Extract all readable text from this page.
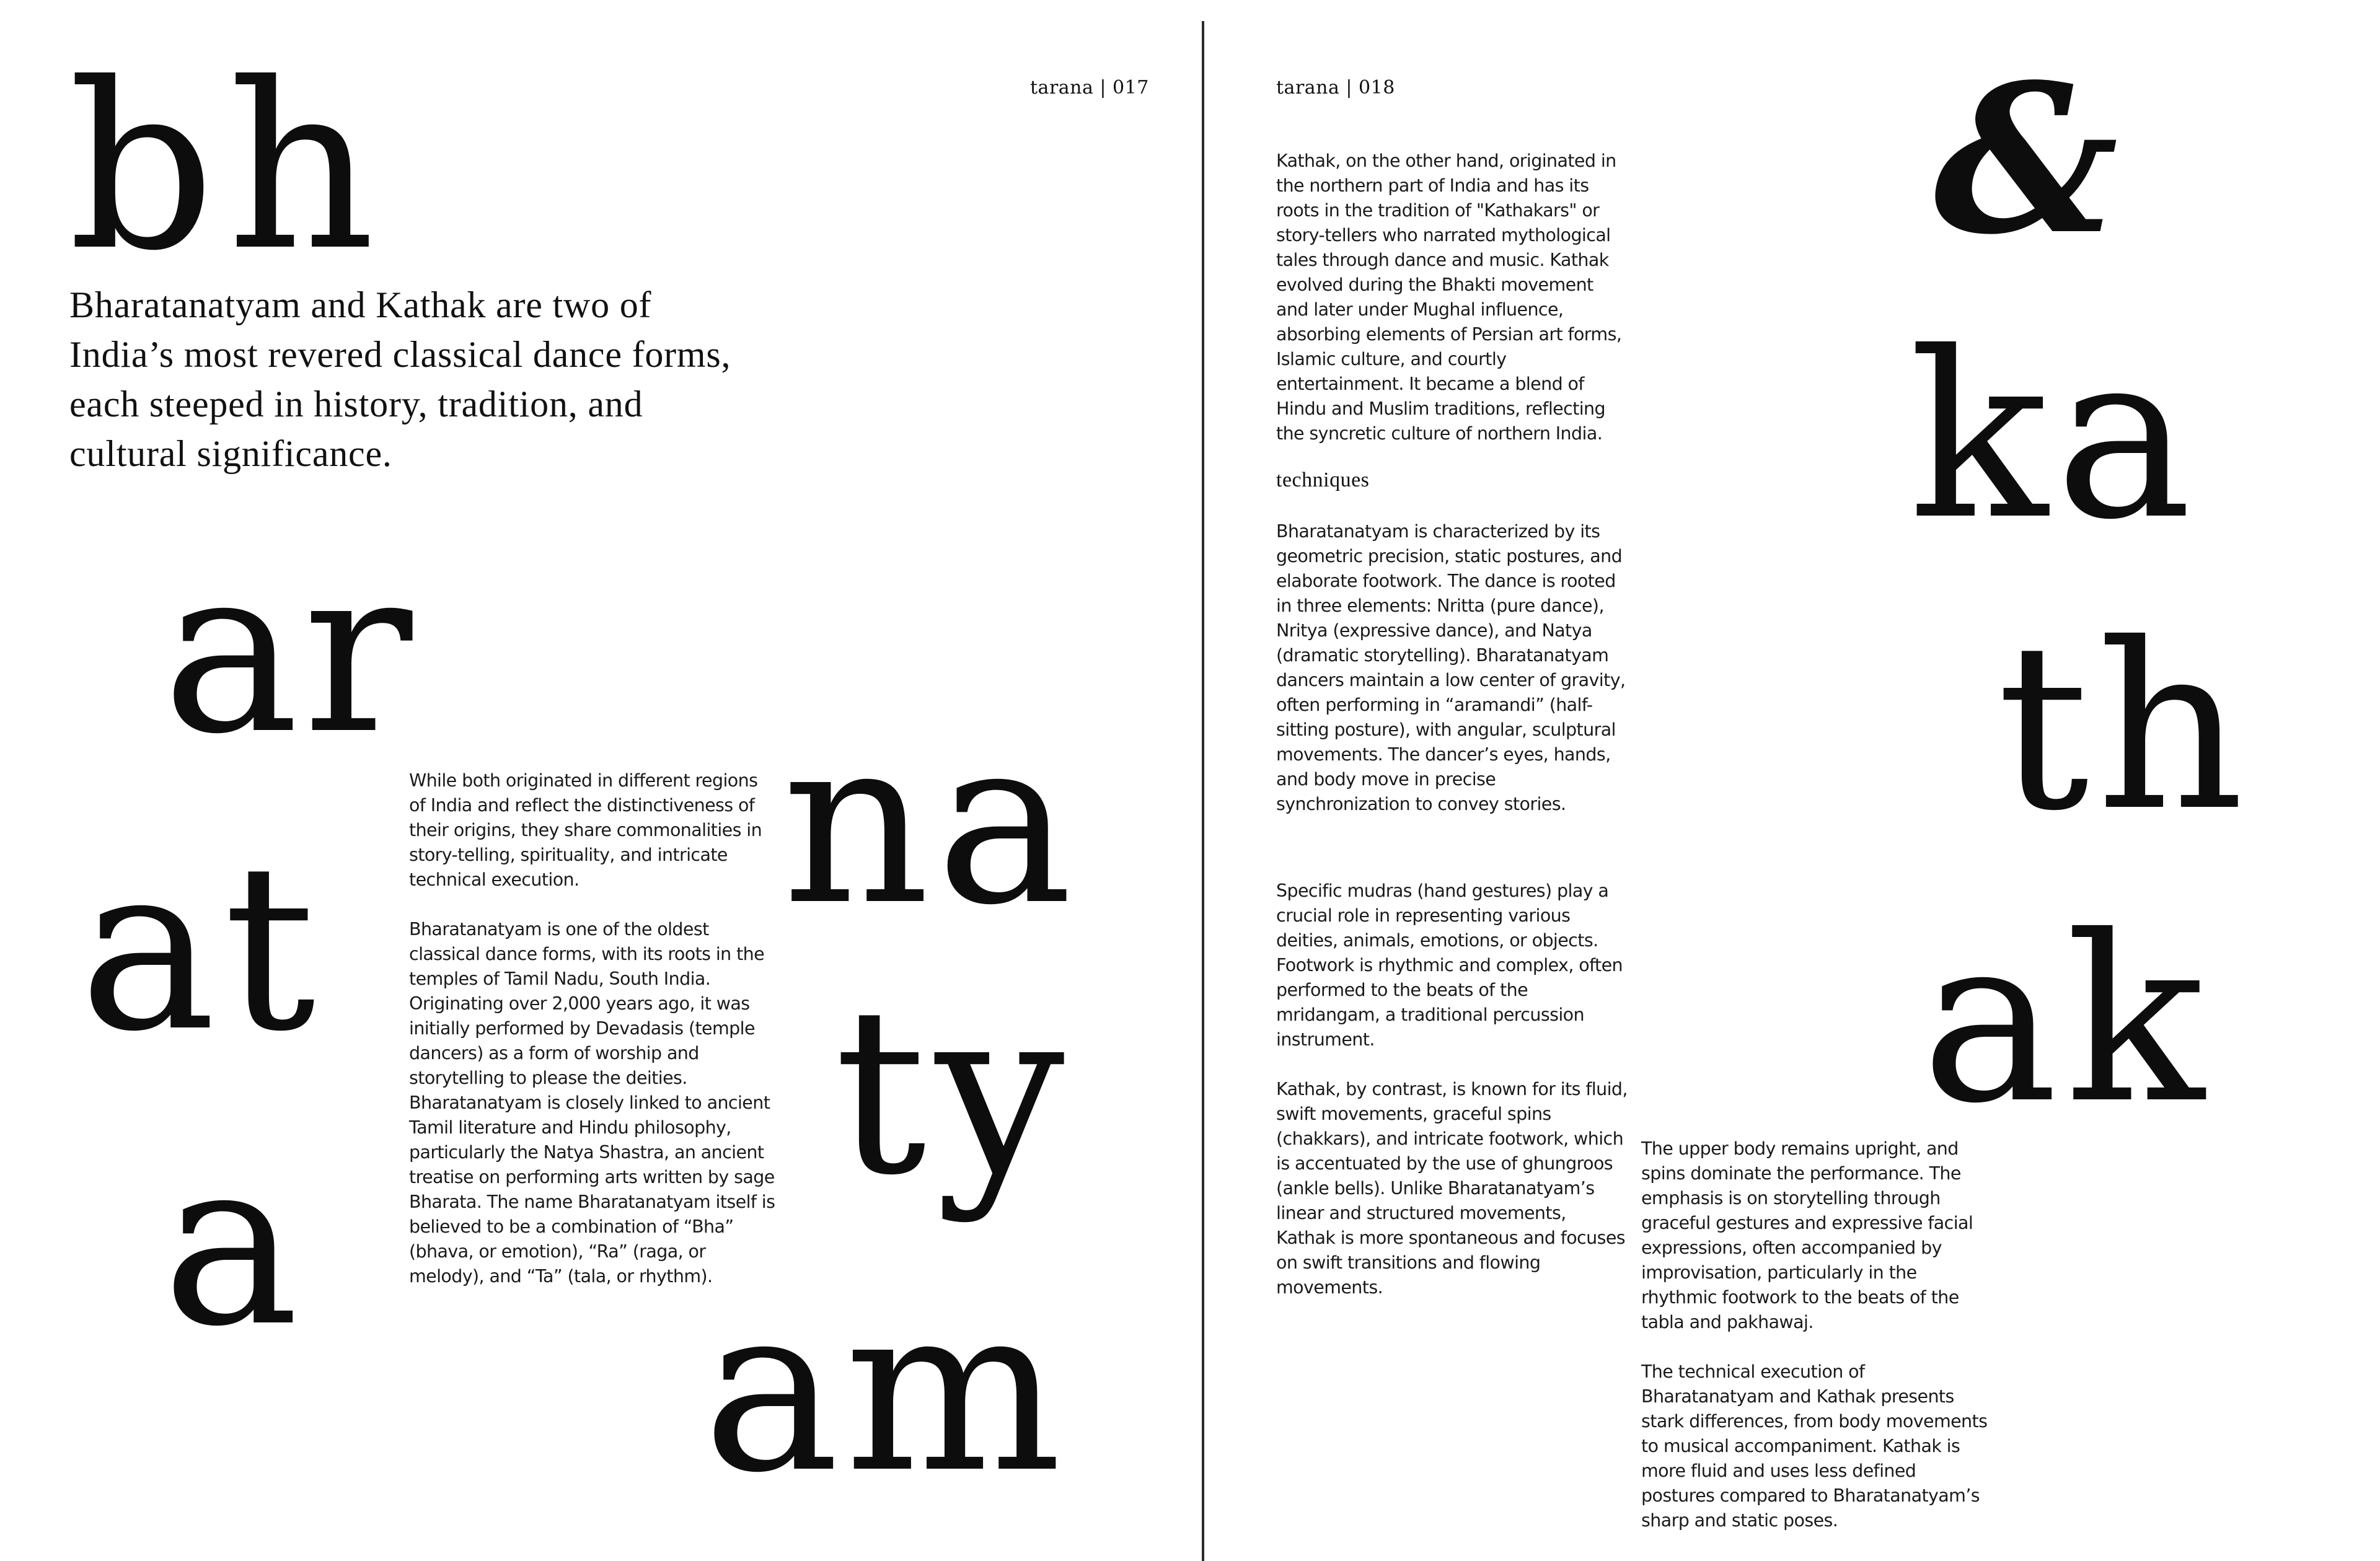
tarana | 017
bh
Bharatanatyam and Kathak are two of India’s most revered classical dance forms, each steeped in history, tradition, and cultural significance.
ar
na
at
ty
a
am

While both originated in different regions of India and reflect the distinctiveness of their origins, they share commonalities in story-telling, spirituality, and intricate technical execution.

Bharatanatyam is one of the oldest classical dance forms, with its roots in the temples of Tamil Nadu, South India. Originating over 2,000 years ago, it was initially performed by Devadasis (temple dancers) as a form of worship and storytelling to please the deities. Bharatanatyam is closely linked to ancient Tamil literature and Hindu philosophy, particularly the Natya Shastra, an ancient treatise on performing arts written by sage Bharata. The name Bharatanatyam itself is believed to be a combination of “Bha” (bhava, or emotion), “Ra” (raga, or melody), and “Ta” (tala, or rhythm).

tarana | 018	&
ka
th
ak

Kathak, on the other hand, originated in the northern part of India and has its roots in the tradition of "Kathakars" or story-tellers who narrated mythological tales through dance and music. Kathak evolved during the Bhakti movement and later under Mughal influence, absorbing elements of Persian art forms, Islamic culture, and courtly entertainment. It became a blend of Hindu and Muslim traditions, reflecting the syncretic culture of northern India.

techniques

Bharatanatyam is characterized by its geometric precision, static postures, and elaborate footwork. The dance is rooted in three elements: Nritta (pure dance), Nritya (expressive dance), and Natya (dramatic storytelling). Bharatanatyam dancers maintain a low center of gravity, often performing in “aramandi” (half-sitting posture), with angular, sculptural movements. The dancer’s eyes, hands, and body move in precise synchronization to convey stories.

Specific mudras (hand gestures) play a crucial role in representing various deities, animals, emotions, or objects. Footwork is rhythmic and complex, often performed to the beats of the mridangam, a traditional percussion instrument.

Kathak, by contrast, is known for its fluid, swift movements, graceful spins (chakkars), and intricate footwork, which is accentuated by the use of ghungroos (ankle bells). Unlike Bharatanatyam’s linear and structured movements, Kathak is more spontaneous and focuses on swift transitions and flowing movements.

The upper body remains upright, and spins dominate the performance. The emphasis is on storytelling through graceful gestures and expressive facial expressions, often accompanied by improvisation, particularly in the rhythmic footwork to the beats of the tabla and pakhawaj.

The technical execution of Bharatanatyam and Kathak presents stark differences, from body movements to musical accompaniment. Kathak is more fluid and uses less defined postures compared to Bharatanatyam’s sharp and static poses.
